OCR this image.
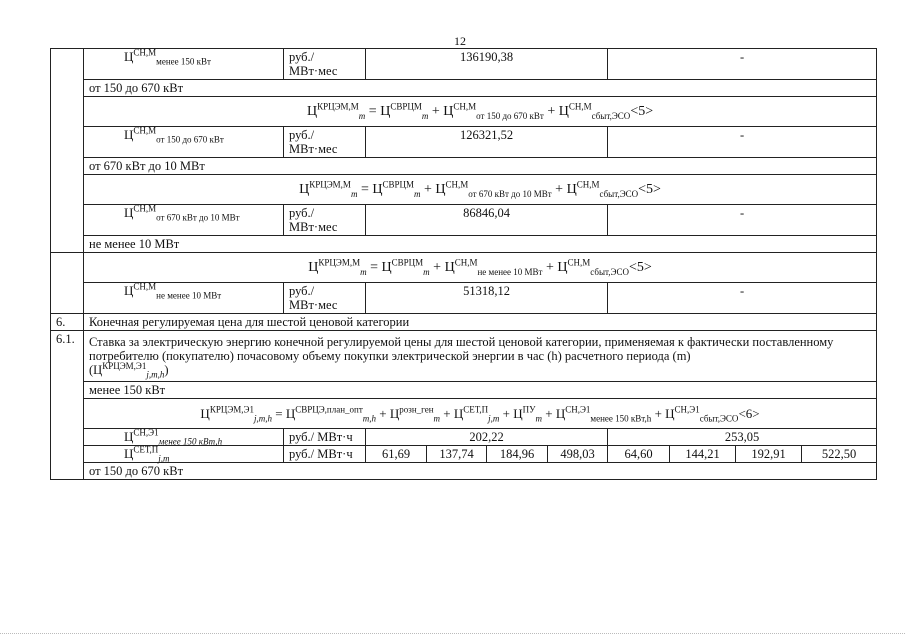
12
	$Ц^{СН,М}_{менее 150 кВт}$	руб./ МВт·мес	136190,38				-			
	от 150 до 670 кВт									
	$Ц^{КРЦЭМ,М}_m = Ц^{СВРЦМ}_m + Ц^{СН,М}_{от 150 до 670 кВт} + Ц^{СН,М}_{сбыт,ЭСО}<5>$									
	$Ц^{СН,М}_{от 150 до 670 кВт}$	руб./ МВт·мес	126321,52				-			
	от 670 кВт до 10 МВт									
	$Ц^{КРЦЭМ,М}_m = Ц^{СВРЦМ}_m + Ц^{СН,М}_{от 670 кВт до 10 МВт} + Ц^{СН,М}_{сбыт,ЭСО}<5>$									
	$Ц^{СН,М}_{от 670 кВт до 10 МВт}$	руб./ МВт·мес	86846,04				-			
	не менее 10 МВт									
	$Ц^{КРЦЭМ,М}_m = Ц^{СВРЦМ}_m + Ц^{СН,М}_{не менее 10 МВт} + Ц^{СН,М}_{сбыт,ЭСО}<5>$									
	$Ц^{СН,М}_{не менее 10 МВт}$	руб./ МВт·мес	51318,12				-			
6.	Конечная регулируемая цена для шестой ценовой категории									
6.1.	Ставка за электрическую энергию конечной регулируемой цены для шестой ценовой категории, применяемая к фактически поставленному потребителю (покупателю) почасовому объему покупки электрической энергии в час (h) расчетного периода (m)
$(Ц^{КРЦЭМ,Э1}_{j,m,h})$									
	менее 150 кВт									
	$Ц^{КРЦЭМ,Э1}_{j,m,h} = Ц^{СВРЦЭ,план\_опт}_{m,h} + Ц^{розн\_ген}_m + Ц^{СЕТ,П}_{j,m} + Ц^{ПУ}_m + Ц^{СН,Э1}_{менее 150 кВт,h} + Ц^{СН,Э1}_{сбыт,ЭСО}<6>$									
	$Ц^{СН,Э1}_{менее 150 кВт,h}$	руб./ МВт·ч	202,22				253,05			
	$Ц^{СЕТ,П}_{j,m}$	руб./ МВт·ч	61,69	137,74	184,96	498,03	64,60	144,21	192,91	522,50
	от 150 до 670 кВт									
